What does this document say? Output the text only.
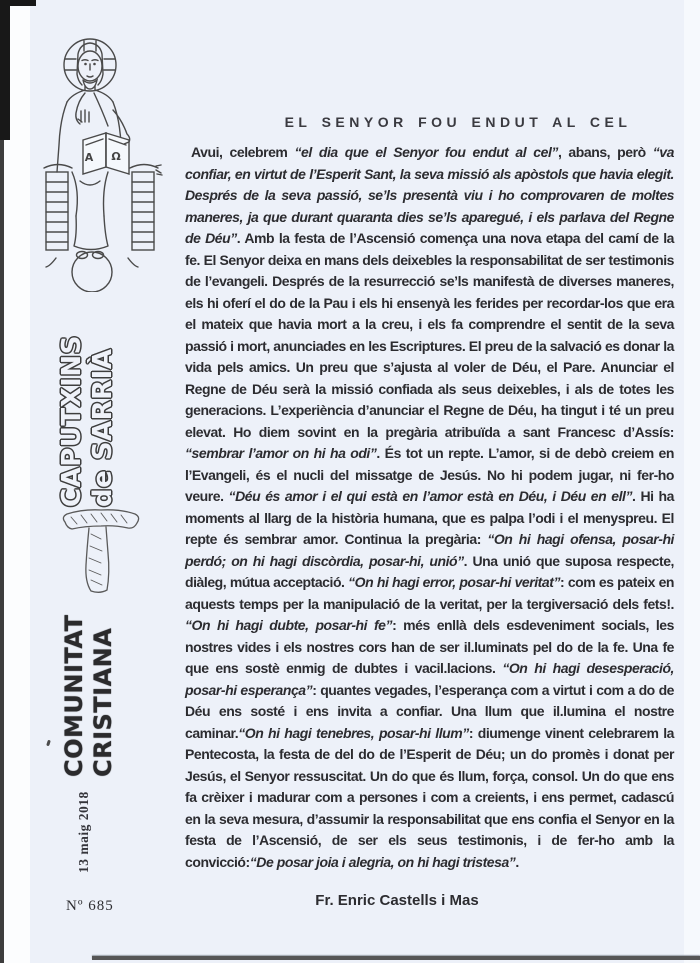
Α Ω
CAPUTXINS de SARRIÀ
COMUNITAT CRISTIANA
13 maig 2018
Nº 685
EL SENYOR FOU ENDUT AL CEL
Avui, celebrem “el dia que el Senyor fou endut al cel”, abans, però “va confiar, en virtut de l’Esperit Sant, la seva missió als apòstols que havia elegit. Després de la seva passió, se’ls presentà viu i ho comprovaren de moltes maneres, ja que durant quaranta dies se’ls aparegué, i els parlava del Regne de Déu”. Amb la festa de l’Ascensió comença una nova etapa del camí de la fe. El Senyor deixa en mans dels deixebles la responsabilitat de ser testimonis de l’evangeli. Després de la resurrecció se’ls manifestà de diverses maneres, els hi oferí el do de la Pau i els hi ensenyà les ferides per recordar-los que era el mateix que havia mort a la creu, i els fa comprendre el sentit de la seva passió i mort, anunciades en les Escriptures. El preu de la salvació es donar la vida pels amics. Un preu que s’ajusta al voler de Déu, el Pare. Anunciar el Regne de Déu serà la missió confiada als seus deixebles, i als de totes les generacions. L’experiència d’anunciar el Regne de Déu, ha tingut i té un preu elevat. Ho diem sovint en la pregària atribuïda a sant Francesc d’Assís: “sembrar l’amor on hi ha odi”. És tot un repte. L’amor, si de debò creiem en l’Evangeli, és el nucli del missatge de Jesús. No hi podem jugar, ni fer-ho veure. “Déu és amor i el qui està en l’amor està en Déu, i Déu en ell”. Hi ha moments al llarg de la història humana, que es palpa l’odi i el menyspreu. El repte és sembrar amor. Continua la pregària: “On hi hagi ofensa, posar-hi perdó; on hi hagi discòrdia, posar-hi, unió”. Una unió que suposa respecte, diàleg, mútua acceptació. “On hi hagi error, posar-hi veritat”: com es pateix en aquests temps per la manipulació de la veritat, per la tergiversació dels fets!. “On hi hagi dubte, posar-hi fe”: més enllà dels esdeveniment socials, les nostres vides i els nostres cors han de ser il.luminats pel do de la fe. Una fe que ens sostè enmig de dubtes i vacil.lacions. “On hi hagi desesperació, posar-hi esperança”: quantes vegades, l’esperança com a virtut i com a do de Déu ens sosté i ens invita a confiar. Una llum que il.lumina el nostre caminar.“On hi hagi tenebres, posar-hi llum”: diumenge vinent celebrarem la Pentecosta, la festa de del do de l’Esperit de Déu; un do promès i donat per Jesús, el Senyor ressuscitat. Un do que és llum, força, consol. Un do que ens fa crèixer i madurar com a persones i com a creients, i ens permet, cadascú en la seva mesura, d’assumir la responsabilitat que ens confia el Senyor en la festa de l’Ascensió, de ser els seus testimonis, i de fer-ho amb la convicció:“De posar joia i alegria, on hi hagi tristesa”.
Fr. Enric Castells i Mas
